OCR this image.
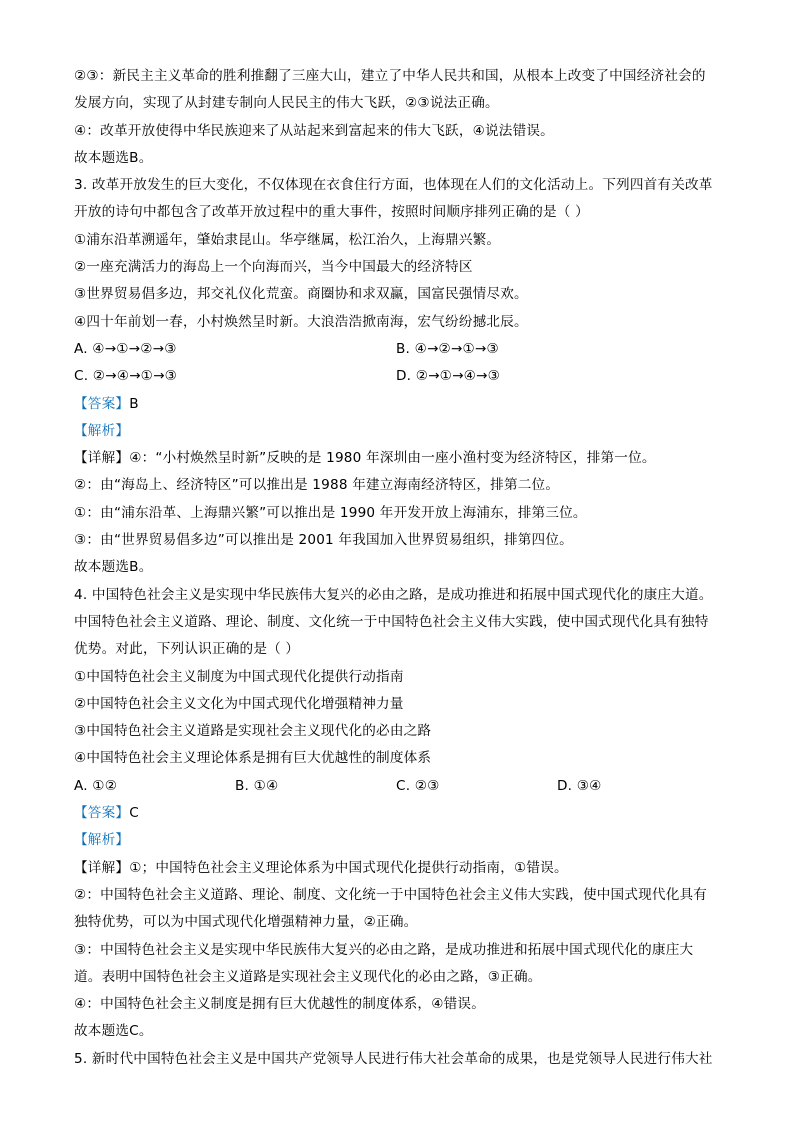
②③：新民主主义革命的胜利推翻了三座大山，建立了中华人民共和国，从根本上改变了中国经济社会的
发展方向，实现了从封建专制向人民民主的伟大飞跃，②③说法正确。
④：改革开放使得中华民族迎来了从站起来到富起来的伟大飞跃，④说法错误。
故本题选B。
3. 改革开放发生的巨大变化，不仅体现在衣食住行方面，也体现在人们的文化活动上。下列四首有关改革
开放的诗句中都包含了改革开放过程中的重大事件，按照时间顺序排列正确的是（ ）
①浦东沿革溯遥年，肇始隶昆山。华亭继属，松江治久，上海鼎兴繁。
②一座充满活力的海岛上一个向海而兴，当今中国最大的经济特区
③世界贸易倡多边，邦交礼仪化荒蛮。商圈协和求双赢，国富民强情尽欢。
④四十年前划一春，小村焕然呈时新。大浪浩浩掀南海，宏气纷纷撼北辰。
A. ④→①→②→③	B. ④→②→①→③
C. ②→④→①→③	D. ②→①→④→③
【答案】B
【解析】
【详解】④：“小村焕然呈时新”反映的是 1980 年深圳由一座小渔村变为经济特区，排第一位。
②：由“海岛上、经济特区”可以推出是 1988 年建立海南经济特区，排第二位。
①：由“浦东沿革、上海鼎兴繁”可以推出是 1990 年开发开放上海浦东，排第三位。
③：由“世界贸易倡多边”可以推出是 2001 年我国加入世界贸易组织，排第四位。
故本题选B。
4. 中国特色社会主义是实现中华民族伟大复兴的必由之路，是成功推进和拓展中国式现代化的康庄大道。
中国特色社会主义道路、理论、制度、文化统一于中国特色社会主义伟大实践，使中国式现代化具有独特
优势。对此，下列认识正确的是（ ）
①中国特色社会主义制度为中国式现代化提供行动指南
②中国特色社会主义文化为中国式现代化增强精神力量
③中国特色社会主义道路是实现社会主义现代化的必由之路
④中国特色社会主义理论体系是拥有巨大优越性的制度体系
A. ①②	B. ①④	C. ②③	D. ③④
【答案】C
【解析】
【详解】①；中国特色社会主义理论体系为中国式现代化提供行动指南，①错误。
②：中国特色社会主义道路、理论、制度、文化统一于中国特色社会主义伟大实践，使中国式现代化具有
独特优势，可以为中国式现代化增强精神力量，②正确。
③：中国特色社会主义是实现中华民族伟大复兴的必由之路，是成功推进和拓展中国式现代化的康庄大
道。表明中国特色社会主义道路是实现社会主义现代化的必由之路，③正确。
④：中国特色社会主义制度是拥有巨大优越性的制度体系，④错误。
故本题选C。
5. 新时代中国特色社会主义是中国共产党领导人民进行伟大社会革命的成果，也是党领导人民进行伟大社
